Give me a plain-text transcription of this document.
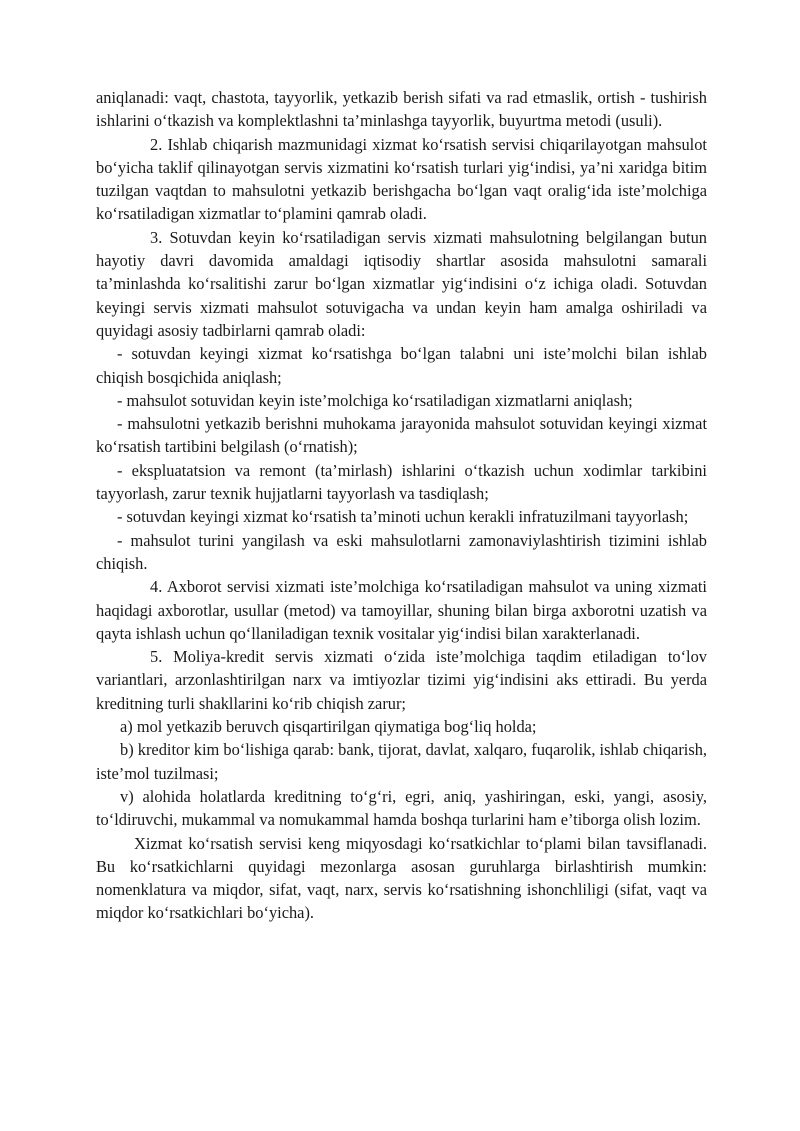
aniqlanadi: vaqt, chastota, tayyorlik, yetkazib berish sifati va rad etmaslik, ortish - tushirish ishlarini o‘tkazish va komplektlashni ta’minlashga tayyorlik, buyurtma metodi (usuli).

2. Ishlab chiqarish mazmunidagi xizmat ko‘rsatish servisi chiqarilayotgan mahsulot bo‘yicha taklif qilinayotgan servis xizmatini ko‘rsatish turlari yig‘indisi, ya’ni xaridga bitim tuzilgan vaqtdan to mahsulotni yetkazib berishgacha bo‘lgan vaqt oralig‘ida iste’molchiga ko‘rsatiladigan xizmatlar to‘plamini qamrab oladi.

3. Sotuvdan keyin ko‘rsatiladigan servis xizmati mahsulotning belgilangan butun hayotiy davri davomida amaldagi iqtisodiy shartlar asosida mahsulotni samarali ta’minlashda ko‘rsalitishi zarur bo‘lgan xizmatlar yig‘indisini o‘z ichiga oladi. Sotuvdan keyingi servis xizmati mahsulot sotuvigacha va undan keyin ham amalga oshiriladi va quyidagi asosiy tadbirlarni qamrab oladi:

- sotuvdan keyingi xizmat ko‘rsatishga bo‘lgan talabni uni iste’molchi bilan ishlab chiqish bosqichida aniqlash;

- mahsulot sotuvidan keyin iste’molchiga ko‘rsatiladigan xizmatlarni aniqlash;

- mahsulotni yetkazib berishni muhokama jarayonida mahsulot sotuvidan keyingi xizmat ko‘rsatish tartibini belgilash (o‘rnatish);

- ekspluatatsion va remont (ta’mirlash) ishlarini o‘tkazish uchun xodimlar tarkibini tayyorlash, zarur texnik hujjatlarni tayyorlash va tasdiqlash;

- sotuvdan keyingi xizmat ko‘rsatish ta’minoti uchun kerakli infratuzilmani tayyorlash;

- mahsulot turini yangilash va eski mahsulotlarni zamonaviylashtirish tizimini ishlab chiqish.

4. Axborot servisi xizmati iste’molchiga ko‘rsatiladigan mahsulot va uning xizmati haqidagi axborotlar, usullar (metod) va tamoyillar, shuning bilan birga axborotni uzatish va qayta ishlash uchun qo‘llaniladigan texnik vositalar yig‘indisi bilan xarakterlanadi.

5. Moliya-kredit servis xizmati o‘zida iste’molchiga taqdim etiladigan to‘lov variantlari, arzonlashtirilgan narx va imtiyozlar tizimi yig‘indisini aks ettiradi. Bu yerda kreditning turli shakllarini ko‘rib chiqish zarur;

a) mol yetkazib beruvch qisqartirilgan qiymatiga bog‘liq holda;

b) kreditor kim bo‘lishiga qarab: bank, tijorat, davlat, xalqaro, fuqarolik, ishlab chiqarish, iste’mol tuzilmasi;

v) alohida holatlarda kreditning to‘g‘ri, egri, aniq, yashiringan, eski, yangi, asosiy, to‘ldiruvchi, mukammal va nomukammal hamda boshqa turlarini ham e’tiborga olish lozim.

Xizmat ko‘rsatish servisi keng miqyosdagi ko‘rsatkichlar to‘plami bilan tavsiflanadi. Bu ko‘rsatkichlarni quyidagi mezonlarga asosan guruhlarga birlashtirish mumkin: nomenklatura va miqdor, sifat, vaqt, narx, servis ko‘rsatishning ishonchliligi (sifat, vaqt va miqdor ko‘rsatkichlari bo‘yicha).
